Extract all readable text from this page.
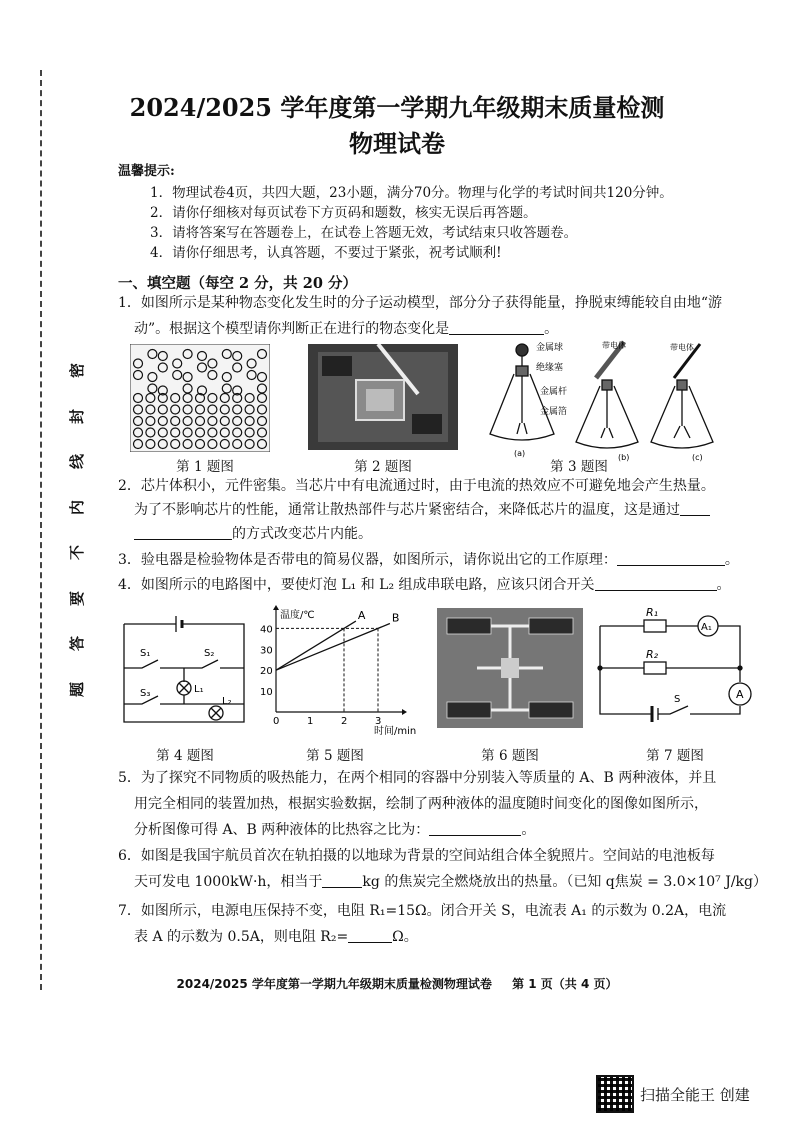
密
封
线
内
不
要
答
题
2024/2025 学年度第一学期九年级期末质量检测
物理试卷
温馨提示:
1．物理试卷4页，共四大题，23小题，满分70分。物理与化学的考试时间共120分钟。
2．请你仔细核对每页试卷下方页码和题数，核实无误后再答题。
3．请将答案写在答题卷上，在试卷上答题无效，考试结束只收答题卷。
4．请你仔细思考，认真答题，不要过于紧张，祝考试顺利!
一、填空题（每空 2 分，共 20 分）
1．如图所示是某种物态变化发生时的分子运动模型，部分分子获得能量，挣脱束缚能较自由地“游
动”。根据这个模型请你判断正在进行的物态变化是	。
第 1 题图	第 2 题图
金属球
绝缘塞
金属杆
金属箔
带电体	带电体
(a)	(b)	(c)
第 3 题图
2．芯片体积小，元件密集。当芯片中有电流通过时，由于电流的热效应不可避免地会产生热量。
为了不影响芯片的性能，通常让散热部件与芯片紧密结合，来降低芯片的温度，这是通过
的方式改变芯片内能。
3．验电器是检验物体是否带电的简易仪器，如图所示，请你说出它的工作原理：	。
4．如图所示的电路图中，要使灯泡 L₁ 和 L₂ 组成串联电路，应该只闭合开关	。
S₁	S₂
S₃	L₁
L₂
第 4 题图
0	1	2	3
10
20
30
40
温度/℃
时间/min
A B
第 5 题图	第 6 题图
R₁
R₂
A₁
A
S
第 7 题图
5．为了探究不同物质的吸热能力，在两个相同的容器中分别装入等质量的 A、B 两种液体，并且
用完全相同的装置加热，根据实验数据，绘制了两种液体的温度随时间变化的图像如图所示，
分析图像可得 A、B 两种液体的比热容之比为：	。
6．如图是我国宇航员首次在轨拍摄的以地球为背景的空间站组合体全貌照片。空间站的电池板每
天可发电 1000kW·h，相当于	kg 的焦炭完全燃烧放出的热量。（已知 q焦炭 = 3.0×10⁷ J/kg）
7．如图所示，电源电压保持不变，电阻 R₁=15Ω。闭合开关 S，电流表 A₁ 的示数为 0.2A，电流
表 A 的示数为 0.5A，则电阻 R₂=	Ω。
2024/2025 学年度第一学期九年级期末质量检测物理试卷 第 1 页（共 4 页）
扫描全能王 创建
